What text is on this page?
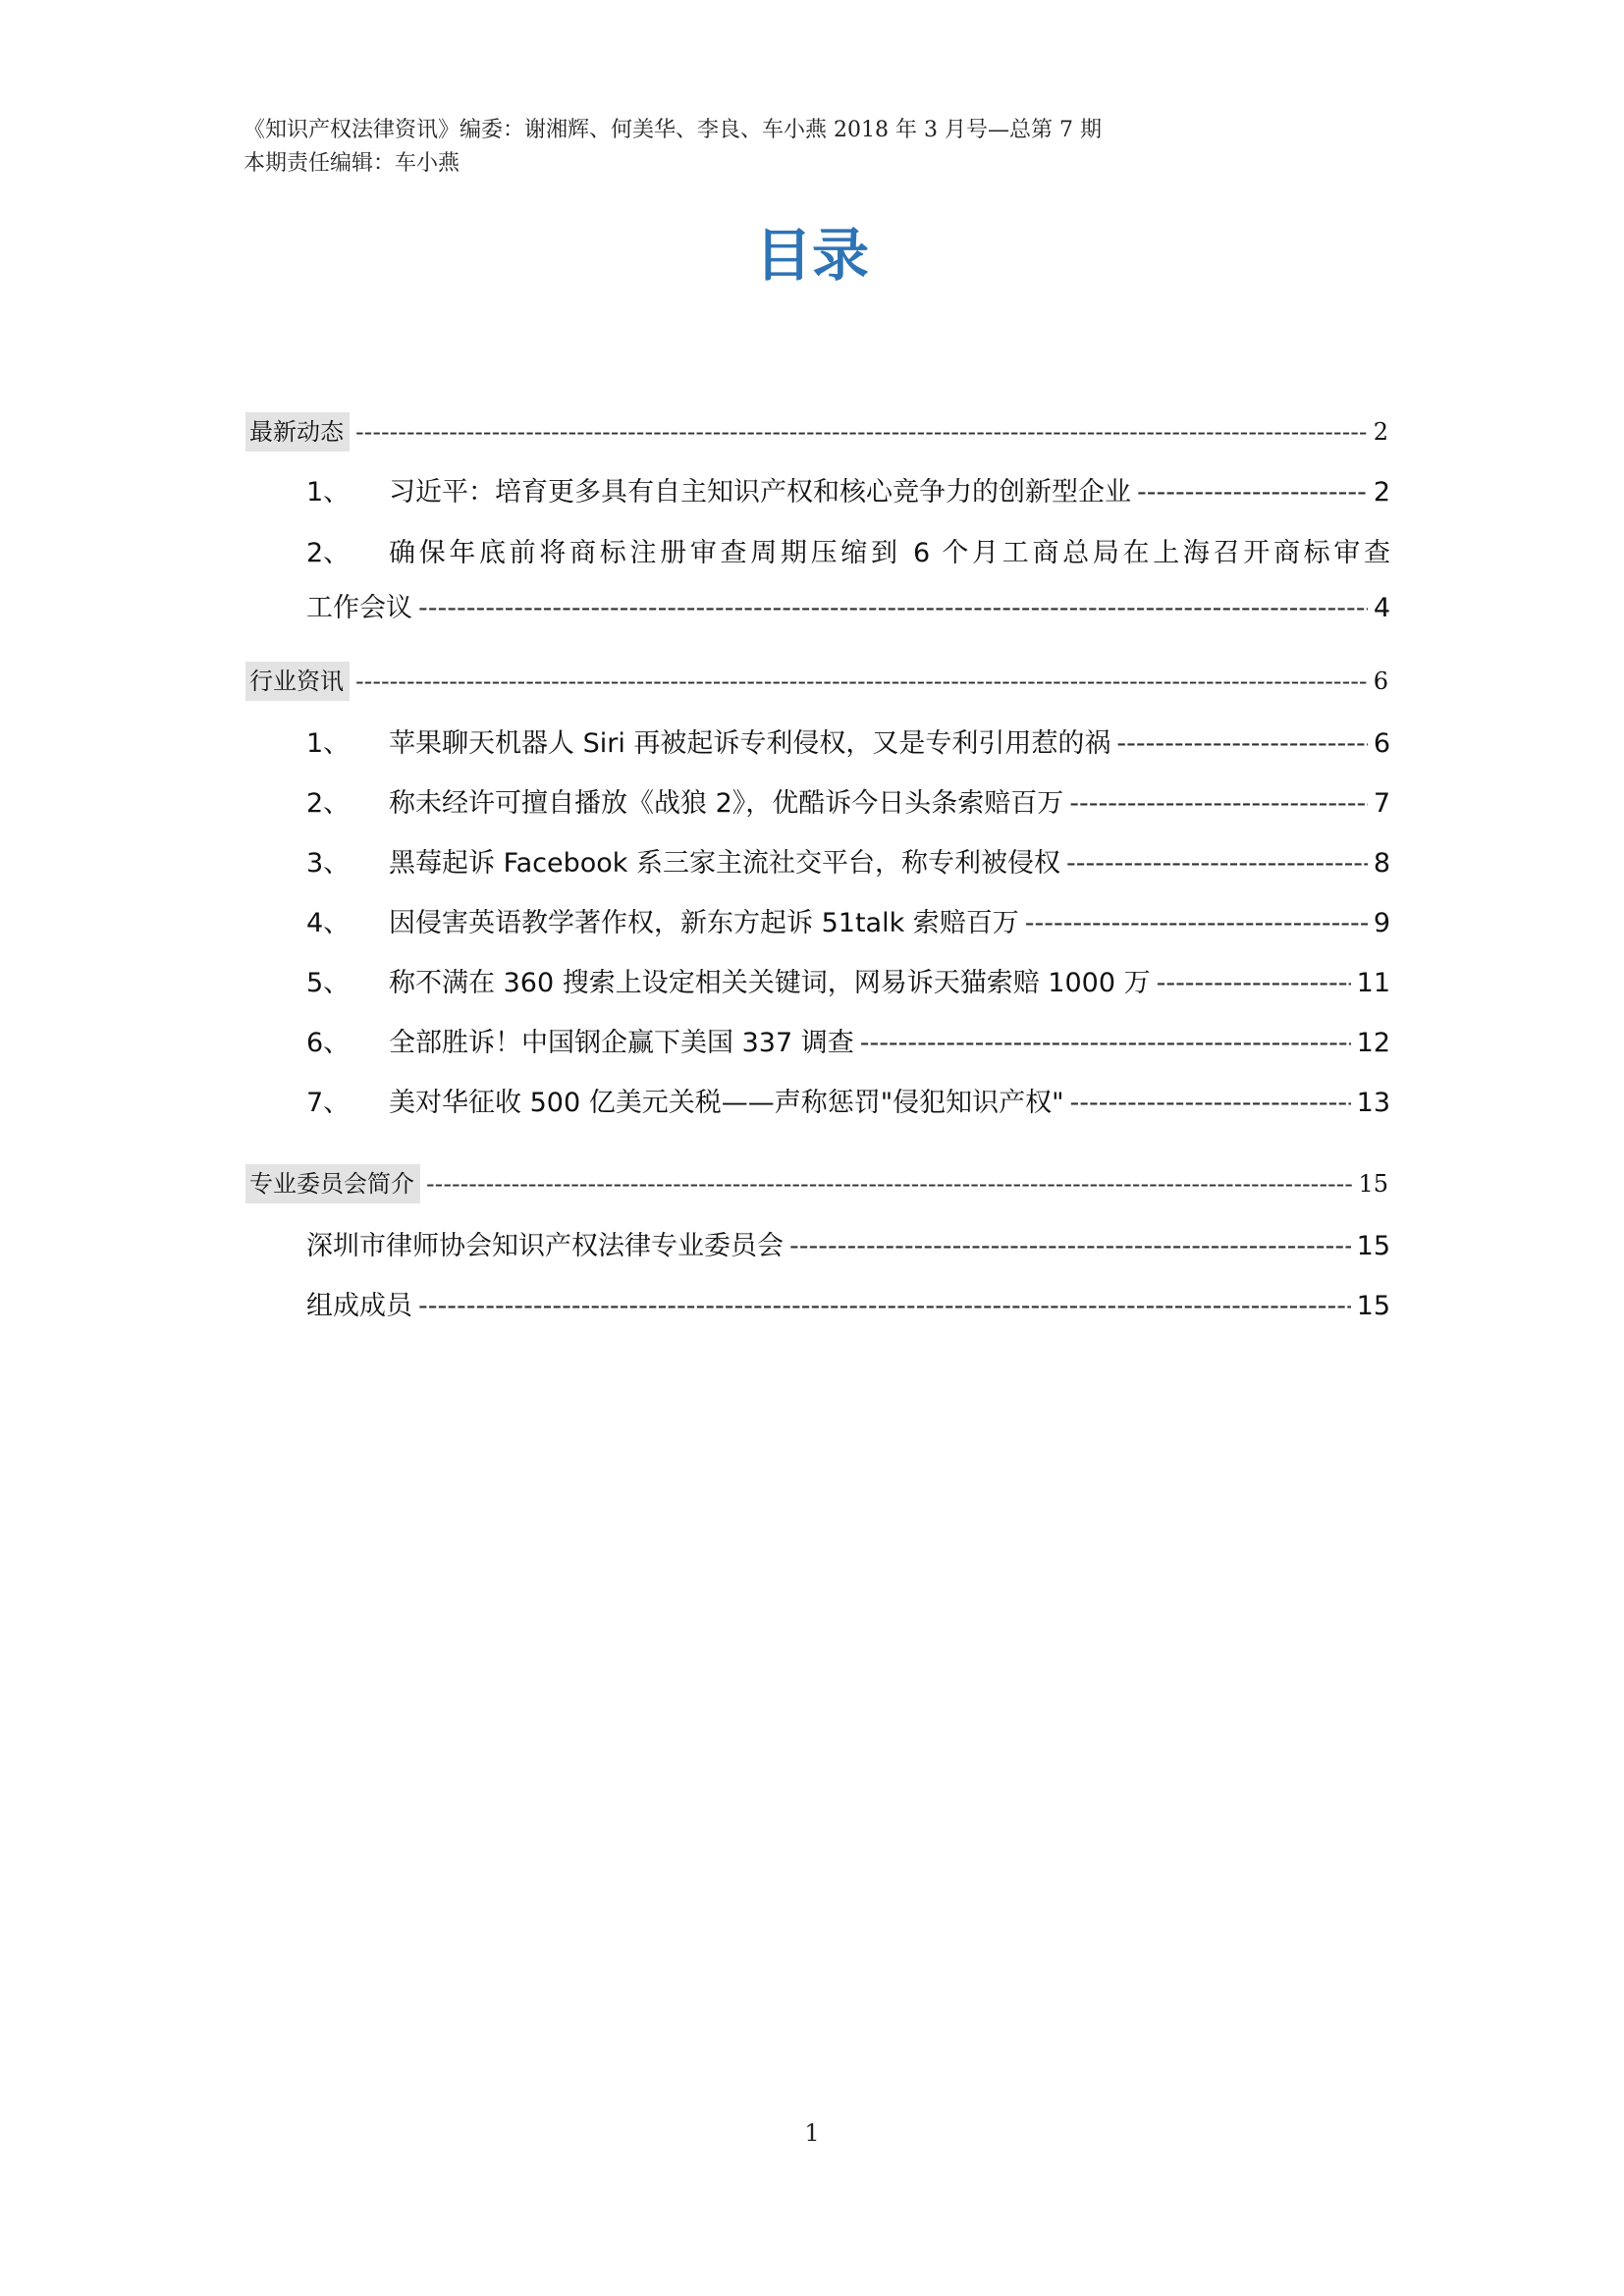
《知识产权法律资讯》编委：谢湘辉、何美华、李良、车小燕 2018 年 3 月号—总第 7 期
本期责任编辑：车小燕
目录
最新动态 -----	2
1、	习近平：培育更多具有自主知识产权和核心竞争力的创新型企业 -----	2
2、	确保年底前将商标注册审查周期压缩到 6 个月工商总局在上海召开商标审查
工作会议 -----	4
行业资讯 -----	6
1、	苹果聊天机器人 Siri 再被起诉专利侵权，又是专利引用惹的祸 -----	6
2、	称未经许可擅自播放《战狼 2》，优酷诉今日头条索赔百万 -----	7
3、	黑莓起诉 Facebook 系三家主流社交平台，称专利被侵权 -----	8
4、	因侵害英语教学著作权，新东方起诉 51talk 索赔百万 -----	9
5、	称不满在 360 搜索上设定相关关键词，网易诉天猫索赔 1000 万 -----	11
6、	全部胜诉！中国钢企赢下美国 337 调查 -----	12
7、	美对华征收 500 亿美元关税——声称惩罚"侵犯知识产权" -----	13
专业委员会简介 -----	15
深圳市律师协会知识产权法律专业委员会 -----	15
组成成员 -----	15
1
